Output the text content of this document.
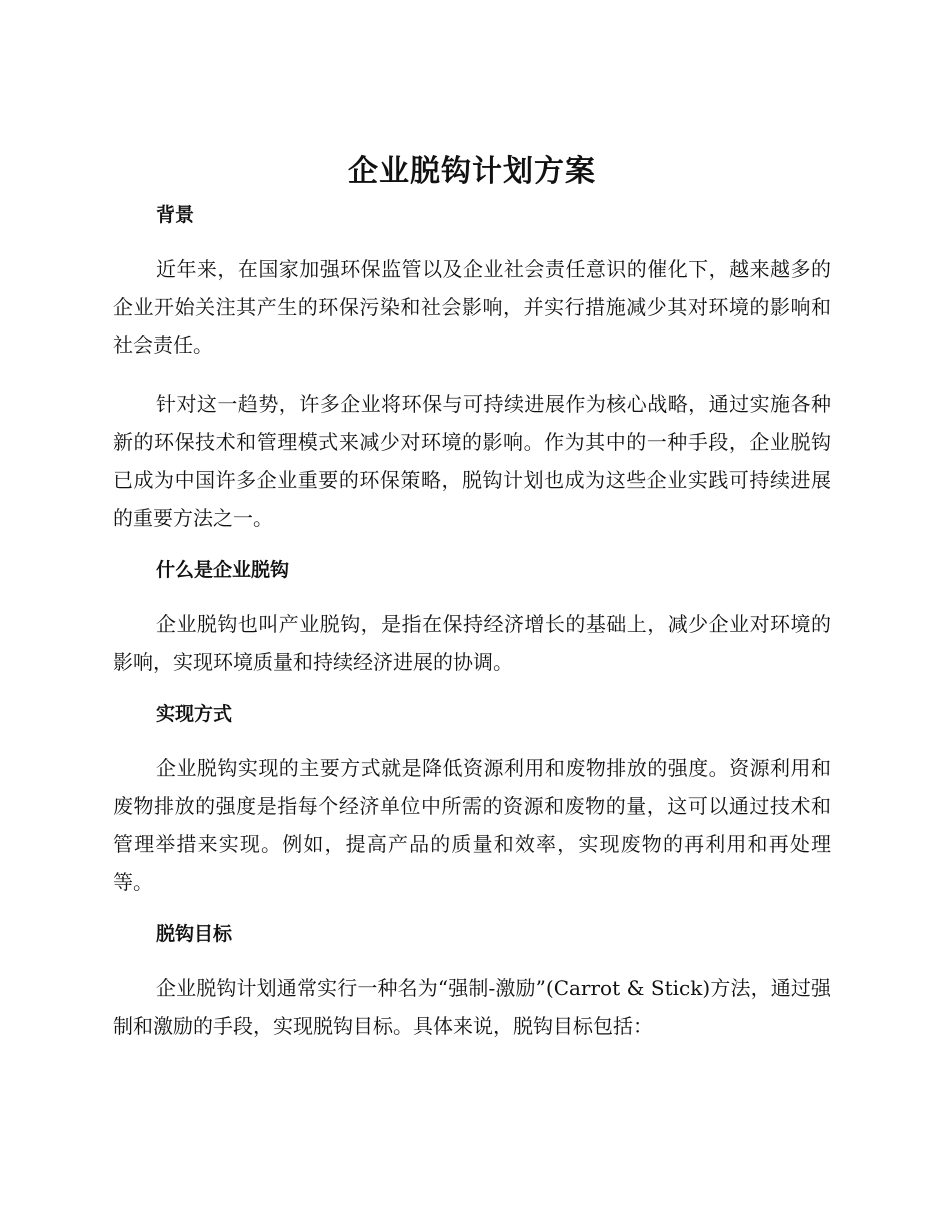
企业脱钩计划方案
背景

近年来，在国家加强环保监管以及企业社会责任意识的催化下，越来越多的企业开始关注其产生的环保污染和社会影响，并实行措施减少其对环境的影响和社会责任。

针对这一趋势，许多企业将环保与可持续进展作为核心战略，通过实施各种新的环保技术和管理模式来减少对环境的影响。作为其中的一种手段，企业脱钩已成为中国许多企业重要的环保策略，脱钩计划也成为这些企业实践可持续进展的重要方法之一。

什么是企业脱钩

企业脱钩也叫产业脱钩，是指在保持经济增长的基础上，减少企业对环境的影响，实现环境质量和持续经济进展的协调。

实现方式

企业脱钩实现的主要方式就是降低资源利用和废物排放的强度。资源利用和废物排放的强度是指每个经济单位中所需的资源和废物的量，这可以通过技术和管理举措来实现。例如，提高产品的质量和效率，实现废物的再利用和再处理等。

脱钩目标

企业脱钩计划通常实行一种名为“强制-激励”(Carrot & Stick)方法，通过强制和激励的手段，实现脱钩目标。具体来说，脱钩目标包括：
